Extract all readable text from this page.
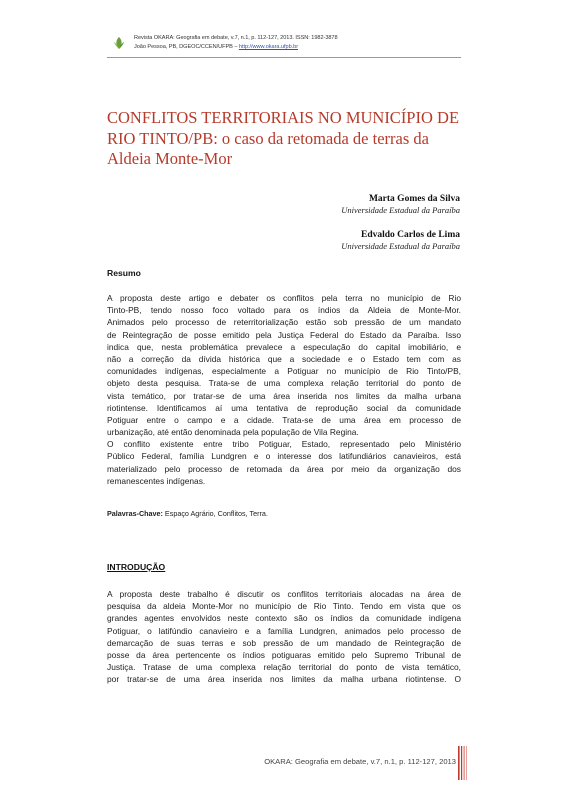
Revista OKARA: Geografia em debate, v.7, n.1, p. 112-127, 2013. ISSN: 1982-3878
João Pessoa, PB, DGEOC/CCEN/UFPB – http://www.okara.ufpb.br
CONFLITOS TERRITORIAIS NO MUNICÍPIO DE
RIO TINTO/PB: o caso da retomada de terras da
Aldeia Monte-Mor
Marta Gomes da Silva
Universidade Estadual da Paraíba
Edvaldo Carlos de Lima
Universidade Estadual da Paraíba
Resumo
A proposta deste artigo e debater os conflitos pela terra no município de Rio
Tinto-PB, tendo nosso foco voltado para os índios da Aldeia de Monte-Mor.
Animados pelo processo de reterritorialização estão sob pressão de um mandato
de Reintegração de posse emitido pela Justiça Federal do Estado da Paraíba. Isso
indica que, nesta problemática prevalece a especulação do capital imobiliário, e
não a correção da dívida histórica que a sociedade e o Estado tem com as
comunidades indígenas, especialmente a Potiguar no município de Rio Tinto/PB,
objeto desta pesquisa. Trata-se de uma complexa relação territorial do ponto de
vista temático, por tratar-se de uma área inserida nos limites da malha urbana
riotintense. Identificamos aí uma tentativa de reprodução social da comunidade
Potiguar entre o campo e a cidade. Trata-se de uma área em processo de
urbanização, até então denominada pela população de Vila Regina.
O conflito existente entre tribo Potiguar, Estado, representado pelo Ministério
Público Federal, família Lundgren e o interesse dos latifundiários canavieiros, está
materializado pelo processo de retomada da área por meio da organização dos
remanescentes indígenas.
Palavras-Chave: Espaço Agrário, Conflitos, Terra.
INTRODUÇÃO
A proposta deste trabalho é discutir os conflitos territoriais alocadas na área de
pesquisa da aldeia Monte-Mor no município de Rio Tinto. Tendo em vista que os
grandes agentes envolvidos neste contexto são os índios da comunidade indígena
Potiguar, o latifúndio canavieiro e a família Lundgren, animados pelo processo de
demarcação de suas terras e sob pressão de um mandado de Reintegração de
posse da área pertencente os índios potiguaras emitido pelo Supremo Tribunal de
Justiça. Tratase de uma complexa relação territorial do ponto de vista temático,
por tratar-se de uma área inserida nos limites da malha urbana riotintense. O
OKARA: Geografia em debate, v.7, n.1, p. 112-127, 2013
